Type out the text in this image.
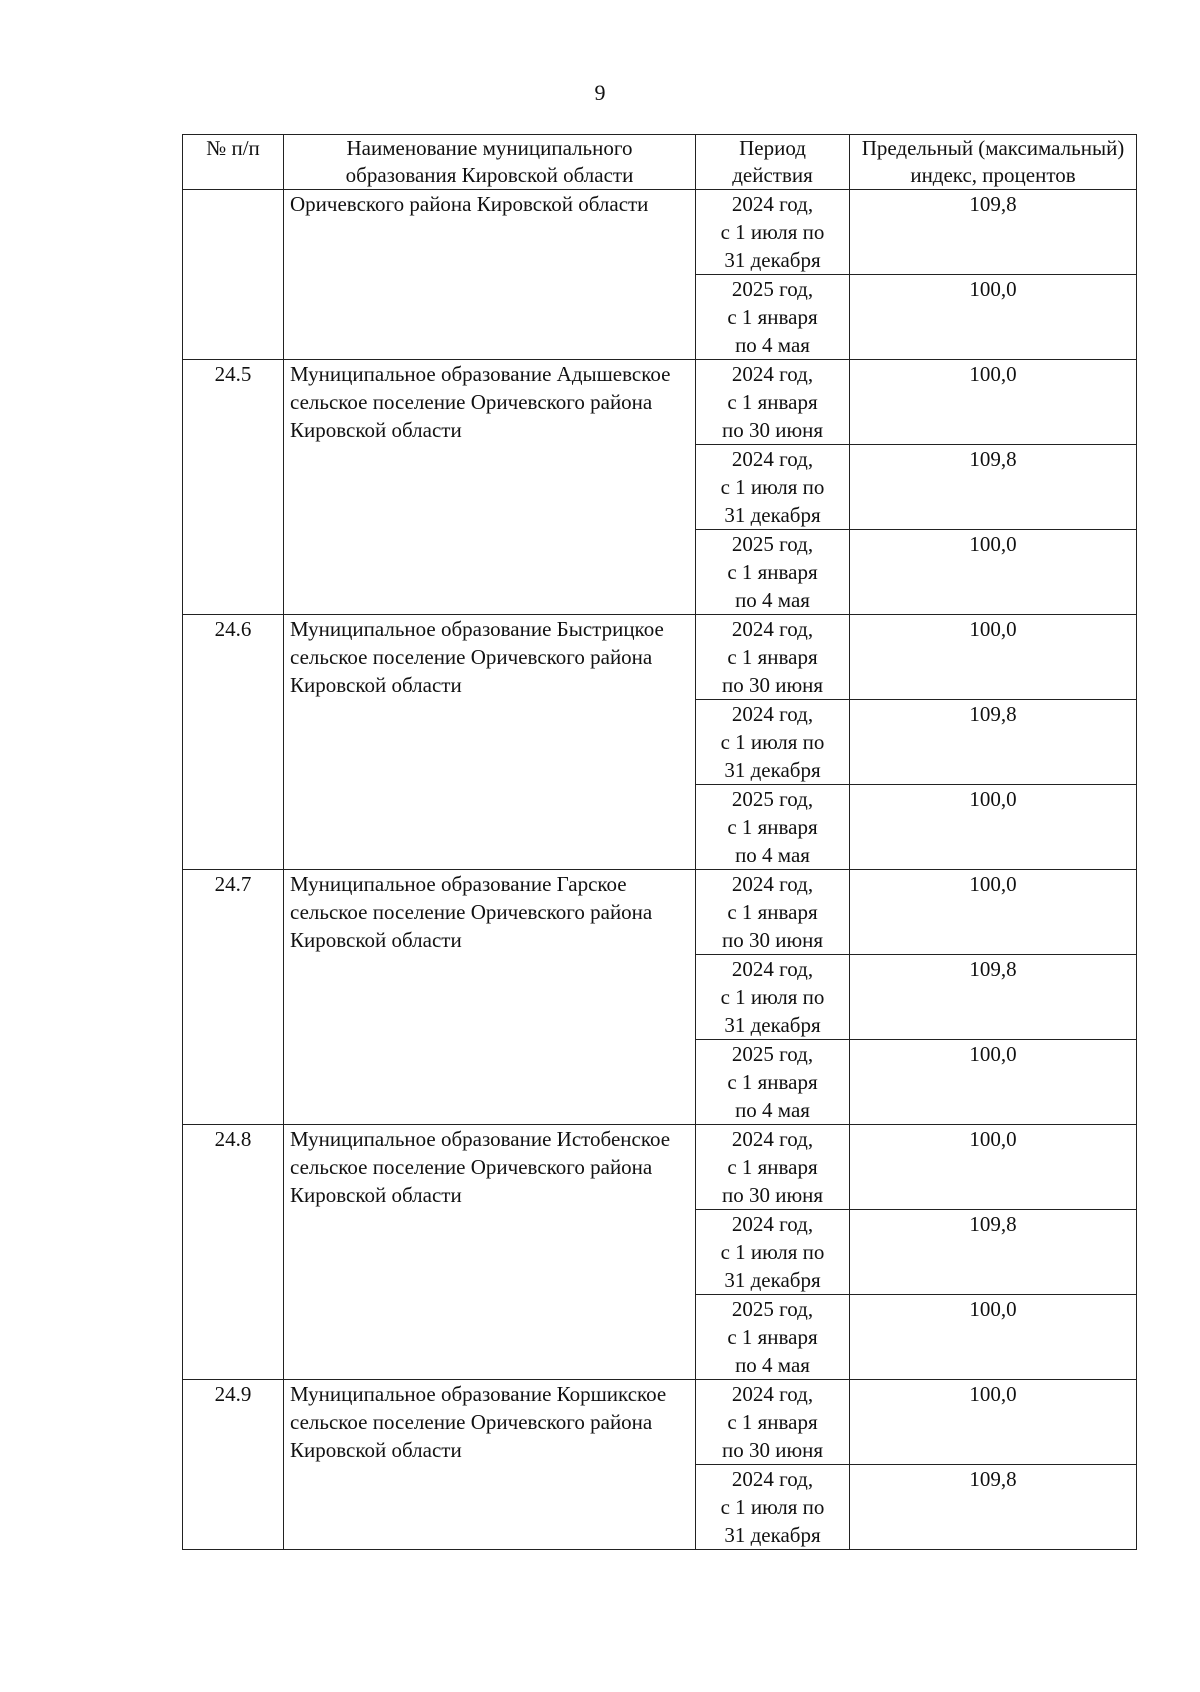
9
№ п/п	Наименование муниципального образования Кировской области	Период действия	Предельный (максимальный) индекс, процентов
	Оричевского района Кировской области	2024 год,
с 1 июля по
31 декабря	109,8
		2025 год,
с 1 января
по 4 мая	100,0
24.5	Муниципальное образование Адышевское сельское поселение Оричевского района Кировской области	2024 год,
с 1 января
по 30 июня	100,0
		2024 год,
с 1 июля по
31 декабря	109,8
		2025 год,
с 1 января
по 4 мая	100,0
24.6	Муниципальное образование Быстрицкое сельское поселение Оричевского района Кировской области	2024 год,
с 1 января
по 30 июня	100,0
		2024 год,
с 1 июля по
31 декабря	109,8
		2025 год,
с 1 января
по 4 мая	100,0
24.7	Муниципальное образование Гарское сельское поселение Оричевского района Кировской области	2024 год,
с 1 января
по 30 июня	100,0
		2024 год,
с 1 июля по
31 декабря	109,8
		2025 год,
с 1 января
по 4 мая	100,0
24.8	Муниципальное образование Истобенское сельское поселение Оричевского района Кировской области	2024 год,
с 1 января
по 30 июня	100,0
		2024 год,
с 1 июля по
31 декабря	109,8
		2025 год,
с 1 января
по 4 мая	100,0
24.9	Муниципальное образование Коршикское сельское поселение Оричевского района Кировской области	2024 год,
с 1 января
по 30 июня	100,0
		2024 год,
с 1 июля по
31 декабря	109,8
